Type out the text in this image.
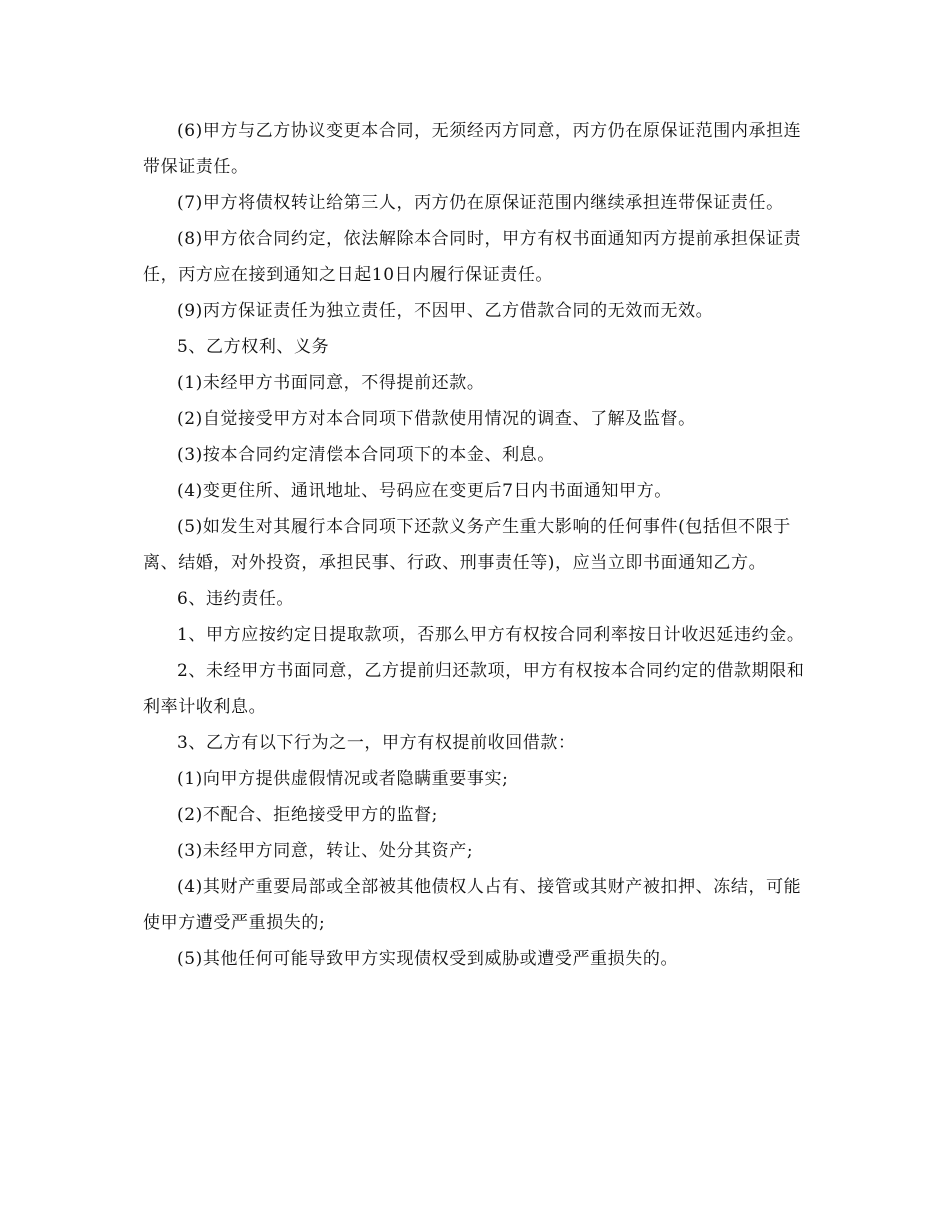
(6)甲方与乙方协议变更本合同，无须经丙方同意，丙方仍在原保证范围内承担连带保证责任。

(7)甲方将债权转让给第三人，丙方仍在原保证范围内继续承担连带保证责任。

(8)甲方依合同约定，依法解除本合同时，甲方有权书面通知丙方提前承担保证责任，丙方应在接到通知之日起10日内履行保证责任。

(9)丙方保证责任为独立责任，不因甲、乙方借款合同的无效而无效。

5、乙方权利、义务

(1)未经甲方书面同意，不得提前还款。

(2)自觉接受甲方对本合同项下借款使用情况的调查、了解及监督。

(3)按本合同约定清偿本合同项下的本金、利息。

(4)变更住所、通讯地址、号码应在变更后7日内书面通知甲方。

(5)如发生对其履行本合同项下还款义务产生重大影响的任何事件(包括但不限于离、结婚，对外投资，承担民事、行政、刑事责任等)，应当立即书面通知乙方。

6、违约责任。

1、甲方应按约定日提取款项，否那么甲方有权按合同利率按日计收迟延违约金。

2、未经甲方书面同意，乙方提前归还款项，甲方有权按本合同约定的借款期限和利率计收利息。

3、乙方有以下行为之一，甲方有权提前收回借款：

(1)向甲方提供虚假情况或者隐瞒重要事实;

(2)不配合、拒绝接受甲方的监督;

(3)未经甲方同意，转让、处分其资产;

(4)其财产重要局部或全部被其他债权人占有、接管或其财产被扣押、冻结，可能使甲方遭受严重损失的;

(5)其他任何可能导致甲方实现债权受到威胁或遭受严重损失的。
